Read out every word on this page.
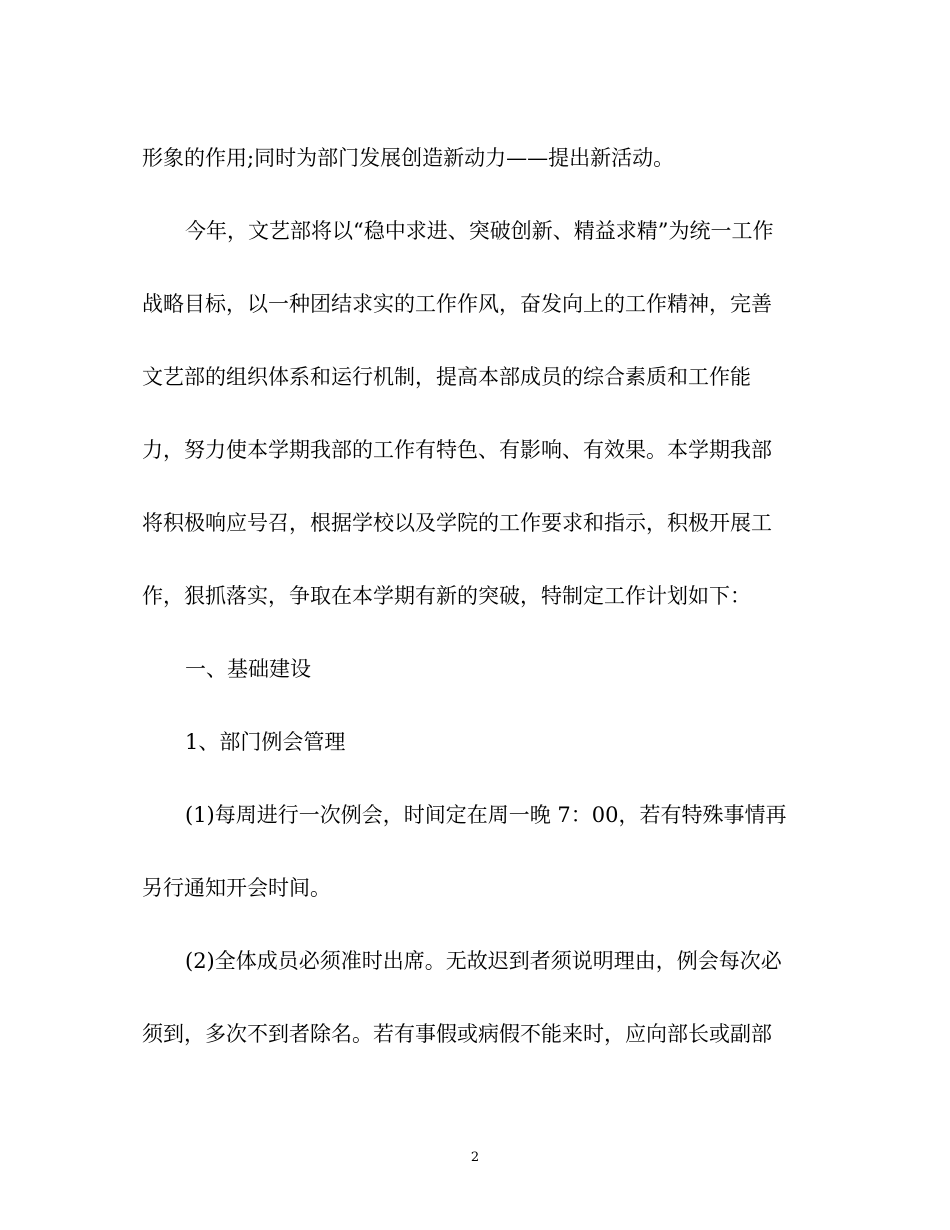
形象的作用;同时为部门发展创造新动力——提出新活动。
今年，文艺部将以“稳中求进、突破创新、精益求精”为统一工作
战略目标，以一种团结求实的工作作风，奋发向上的工作精神，完善
文艺部的组织体系和运行机制，提高本部成员的综合素质和工作能
力，努力使本学期我部的工作有特色、有影响、有效果。本学期我部
将积极响应号召，根据学校以及学院的工作要求和指示，积极开展工
作，狠抓落实，争取在本学期有新的突破，特制定工作计划如下：
一、基础建设
1、部门例会管理
(1)每周进行一次例会，时间定在周一晚 7：00，若有特殊事情再
另行通知开会时间。
(2)全体成员必须准时出席。无故迟到者须说明理由，例会每次必
须到，多次不到者除名。若有事假或病假不能来时，应向部长或副部
2
